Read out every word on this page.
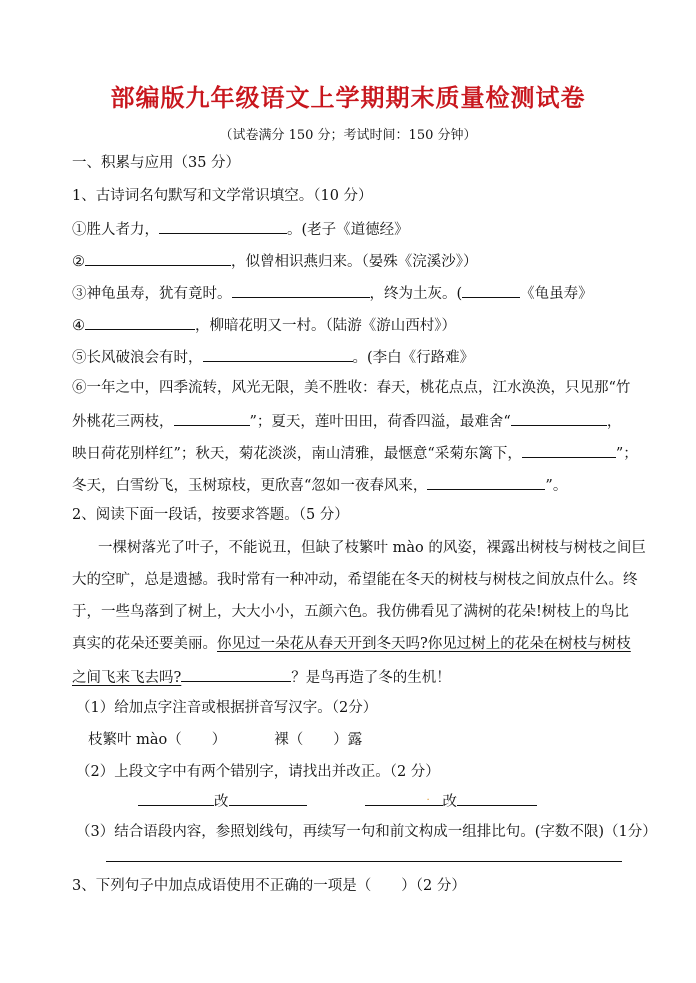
部编版九年级语文上学期期末质量检测试卷
（试卷满分 150 分；考试时间：150 分钟）
一、积累与应用（35 分）
1、古诗词名句默写和文学常识填空。（10 分）
①胜人者力，	。(老子《道德经》
②	，似曾相识燕归来。（晏殊《浣溪沙》）
③神龟虽寿，犹有竟时。	，终为土灰。(	《龟虽寿》
④	，柳暗花明又一村。（陆游《游山西村》）
⑤长风破浪会有时，	。(李白《行路难》
⑥一年之中，四季流转，风光无限，美不胜收：春天，桃花点点，江水涣涣，只见那“竹
外桃花三两枝，	”；夏天，莲叶田田，荷香四溢，最难舍“	，
映日荷花别样红”；秋天，菊花淡淡，南山清雅，最惬意“采菊东篱下，	”；
冬天，白雪纷飞，玉树琼枝，更欣喜“忽如一夜春风来，	”。
2、阅读下面一段话，按要求答题。（5 分）
一棵树落光了叶子，不能说丑，但缺了枝繁叶 mào 的风姿，裸露出树枝与树枝之间巨
大的空旷，总是遗撼。我时常有一种冲动，希望能在冬天的树枝与树枝之间放点什么。终
于，一些鸟落到了树上，大大小小，五颜六色。我仿佛看见了满树的花朵!树枝上的鸟比
真实的花朵还要美丽。你见过一朵花从春天开到冬天吗?你见过树上的花朵在树枝与树枝
之间飞来飞去吗?	？是鸟再造了冬的生机！
（1）给加点字注音或根据拼音写汉字。（2分）
枝繁叶 mào（ ）	裸（ ）露
（2）上段文字中有两个错别字，请找出并改正。（2 分）
改	. 改
（3）结合语段内容，参照划线句，再续写一句和前文构成一组排比句。(字数不限)（1分）
3、下列句子中加点成语使用不正确的一项是（ ）（2 分）
